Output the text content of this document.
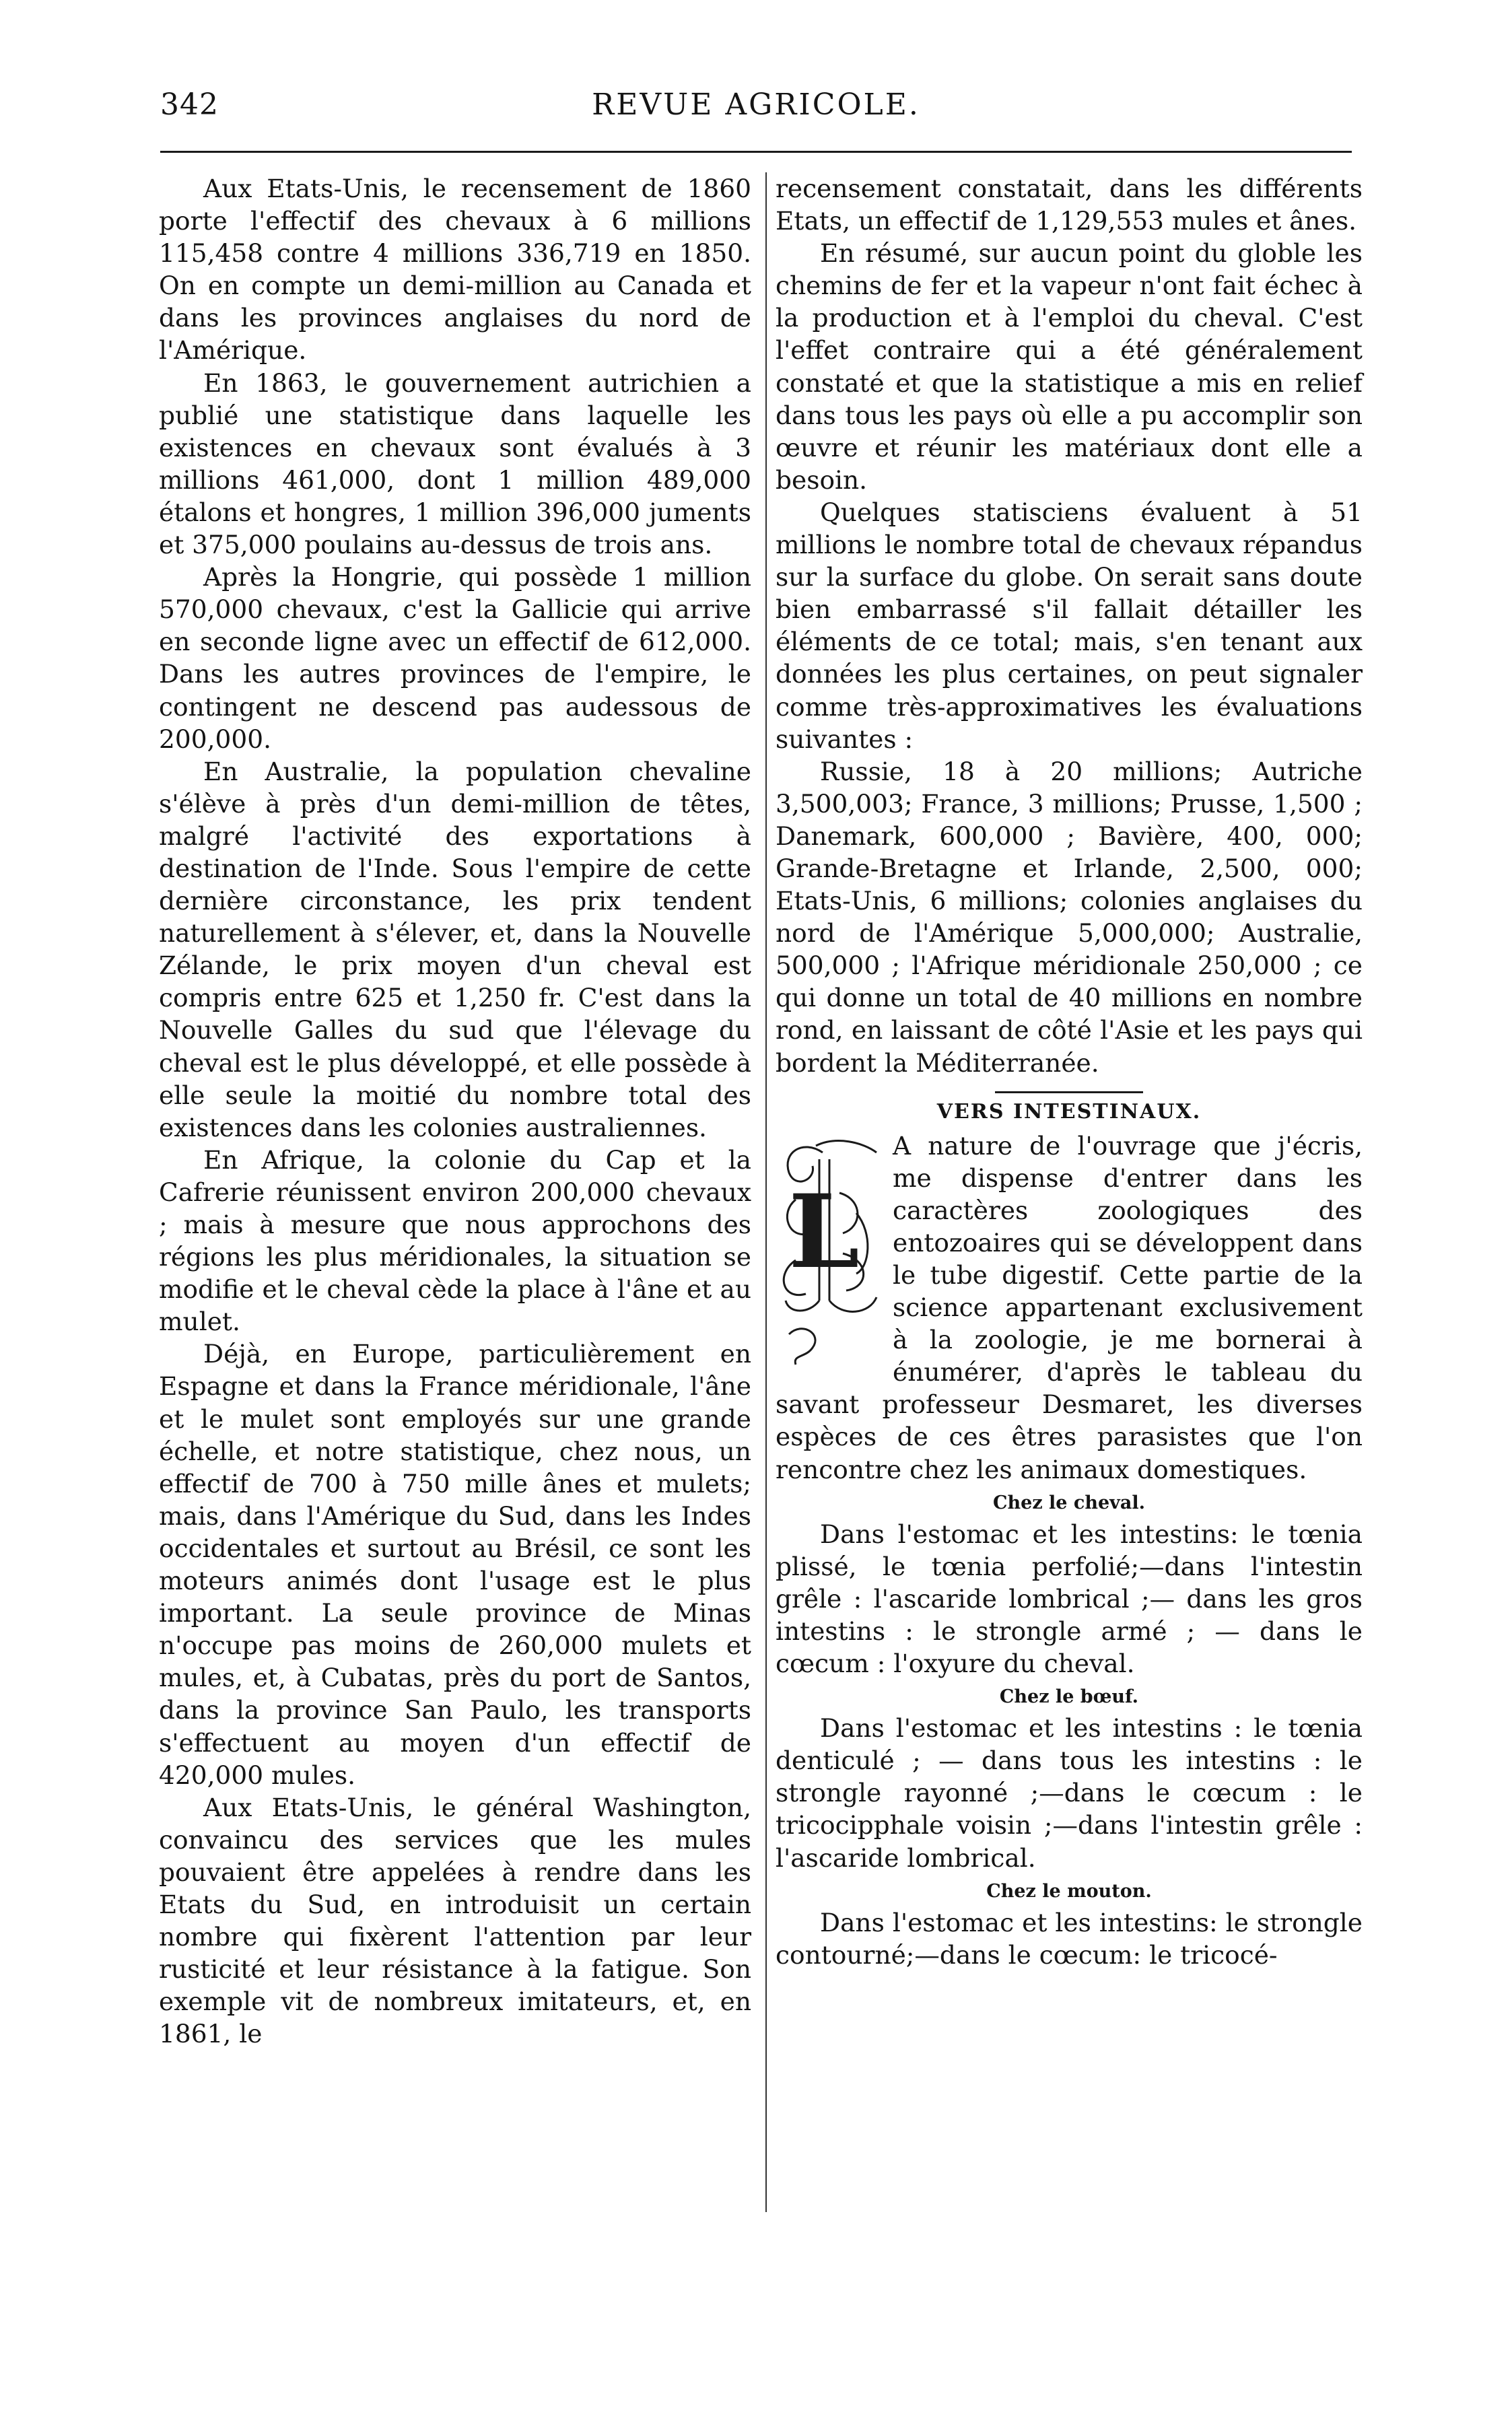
342	REVUE AGRICOLE.

Aux Etats-Unis, le recensement de 1860 porte l'effectif des chevaux à 6 millions 115,458 contre 4 millions 336,719 en 1850. On en compte un demi-million au Canada et dans les provinces anglaises du nord de l'Amérique.

En 1863, le gouvernement autrichien a publié une statistique dans laquelle les existences en chevaux sont évalués à 3 millions 461,000, dont 1 million 489,000 étalons et hongres, 1 million 396,000 juments et 375,000 poulains au-dessus de trois ans.

Après la Hongrie, qui possède 1 million 570,000 chevaux, c'est la Gallicie qui arrive en seconde ligne avec un effectif de 612,000. Dans les autres provinces de l'empire, le contingent ne descend pas audessous de 200,000.

En Australie, la population chevaline s'élève à près d'un demi-million de têtes, malgré l'activité des exportations à destination de l'Inde. Sous l'empire de cette dernière circonstance, les prix tendent naturellement à s'élever, et, dans la Nouvelle Zélande, le prix moyen d'un cheval est compris entre 625 et 1,250 fr. C'est dans la Nouvelle Galles du sud que l'élevage du cheval est le plus développé, et elle possède à elle seule la moitié du nombre total des existences dans les colonies australiennes.

En Afrique, la colonie du Cap et la Cafrerie réunissent environ 200,000 chevaux ; mais à mesure que nous approchons des régions les plus méridionales, la situation se modifie et le cheval cède la place à l'âne et au mulet.

Déjà, en Europe, particulièrement en Espagne et dans la France méridionale, l'âne et le mulet sont employés sur une grande échelle, et notre statistique, chez nous, un effectif de 700 à 750 mille ânes et mulets; mais, dans l'Amérique du Sud, dans les Indes occidentales et surtout au Brésil, ce sont les moteurs animés dont l'usage est le plus important. La seule province de Minas n'occupe pas moins de 260,000 mulets et mules, et, à Cubatas, près du port de Santos, dans la province San Paulo, les transports s'effectuent au moyen d'un effectif de 420,000 mules.

Aux Etats-Unis, le général Washington, convaincu des services que les mules pouvaient être appelées à rendre dans les Etats du Sud, en introduisit un certain nombre qui fixèrent l'attention par leur rusticité et leur résistance à la fatigue. Son exemple vit de nombreux imitateurs, et, en 1861, le

recensement constatait, dans les différents Etats, un effectif de 1,129,553 mules et ânes.

En résumé, sur aucun point du globle les chemins de fer et la vapeur n'ont fait échec à la production et à l'emploi du cheval. C'est l'effet contraire qui a été généralement constaté et que la statistique a mis en relief dans tous les pays où elle a pu accomplir son œuvre et réunir les matériaux dont elle a besoin.

Quelques statisciens évaluent à 51 millions le nombre total de chevaux répandus sur la surface du globe. On serait sans doute bien embarrassé s'il fallait détailler les éléments de ce total; mais, s'en tenant aux données les plus certaines, on peut signaler comme très-approximatives les évaluations suivantes :

Russie, 18 à 20 millions; Autriche 3,500,003; France, 3 millions; Prusse, 1,500 ; Danemark, 600,000 ; Bavière, 400, 000; Grande-Bretagne et Irlande, 2,500, 000; Etats-Unis, 6 millions; colonies anglaises du nord de l'Amérique 5,000,000; Australie, 500,000 ; l'Afrique méridionale 250,000 ; ce qui donne un total de 40 millions en nombre rond, en laissant de côté l'Asie et les pays qui bordent la Méditerranée.

VERS INTESTINAUX.
L

A nature de l'ouvrage que j'écris, me dispense d'entrer dans les caractères zoologiques des entozoaires qui se développent dans le tube digestif. Cette partie de la science appartenant exclusivement à la zoologie, je me bornerai à énumérer, d'après le tableau du savant professeur Desmaret, les diverses espèces de ces êtres parasistes que l'on rencontre chez les animaux domestiques.

Chez le cheval.

Dans l'estomac et les intestins: le tœnia plissé, le tœnia perfolié;—dans l'intestin grêle : l'ascaride lombrical ;— dans les gros intestins : le strongle armé ; — dans le cœcum : l'oxyure du cheval.

Chez le bœuf.

Dans l'estomac et les intestins : le tœnia denticulé ; — dans tous les intestins : le strongle rayonné ;—dans le cœcum : le tricocipphale voisin ;—dans l'intestin grêle : l'ascaride lombrical.

Chez le mouton.

Dans l'estomac et les intestins: le strongle contourné;—dans le cœcum: le tricocé-
